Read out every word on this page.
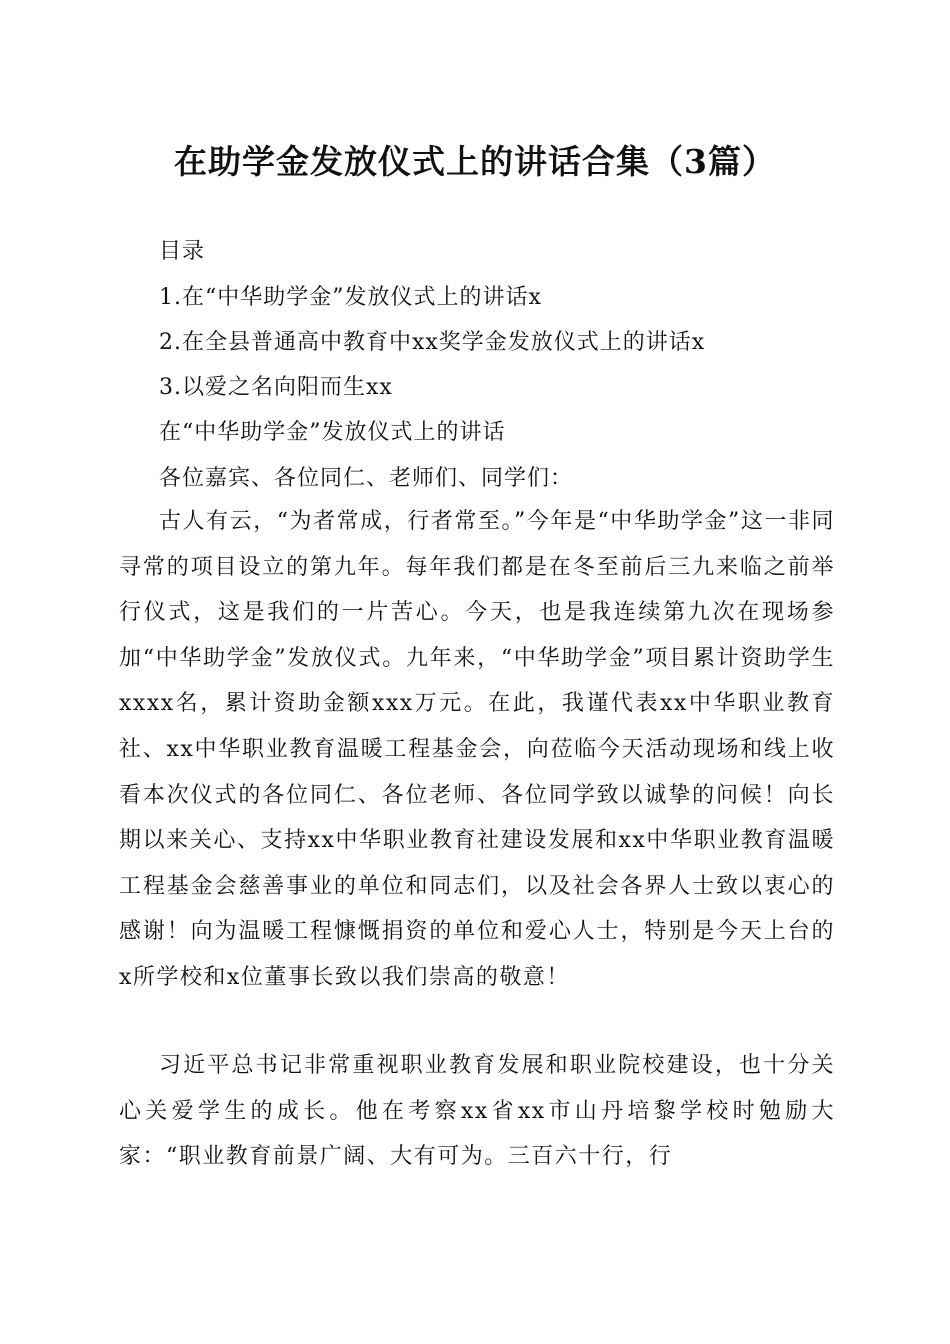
在助学金发放仪式上的讲话合集（3篇）
目录
1.在“中华助学金”发放仪式上的讲话x
2.在全县普通高中教育中xx奖学金发放仪式上的讲话x
3.以爱之名向阳而生xx
在“中华助学金”发放仪式上的讲话
各位嘉宾、各位同仁、老师们、同学们：

古人有云，“为者常成，行者常至。”今年是“中华助学金”这一非同寻常的项目设立的第九年。每年我们都是在冬至前后三九来临之前举行仪式，这是我们的一片苦心。今天，也是我连续第九次在现场参加“中华助学金”发放仪式。九年来，“中华助学金”项目累计资助学生xxxx名，累计资助金额xxx万元。在此，我谨代表xx中华职业教育社、xx中华职业教育温暖工程基金会，向莅临今天活动现场和线上收看本次仪式的各位同仁、各位老师、各位同学致以诚挚的问候！向长期以来关心、支持xx中华职业教育社建设发展和xx中华职业教育温暖工程基金会慈善事业的单位和同志们，以及社会各界人士致以衷心的感谢！向为温暖工程慷慨捐资的单位和爱心人士，特别是今天上台的x所学校和x位董事长致以我们崇高的敬意！

习近平总书记非常重视职业教育发展和职业院校建设，也十分关心关爱学生的成长。他在考察xx省xx市山丹培黎学校时勉励大家：“职业教育前景广阔、大有可为。三百六十行，行
